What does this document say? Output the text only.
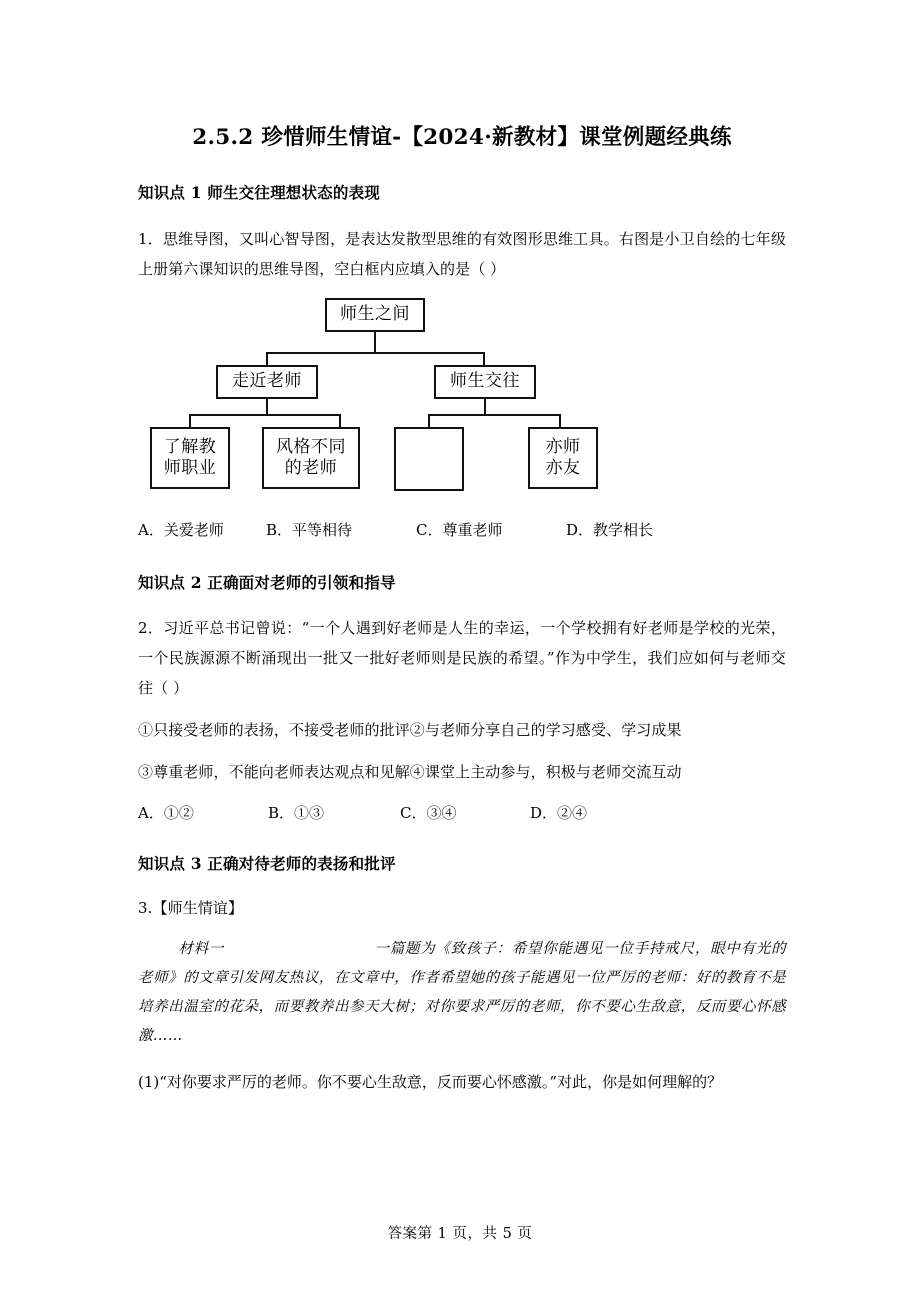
2.5.2 珍惜师生情谊-【2024·新教材】课堂例题经典练
知识点 1 师生交往理想状态的表现

1．思维导图，又叫心智导图，是表达发散型思维的有效图形思维工具。右图是小卫自绘的七年级上册第六课知识的思维导图，空白框内应填入的是（ ）

师生之间
走近老师	师生交往
了解教
师职业
风格不同
的老师
亦师
亦友
A．关爱老师	B．平等相待	C．尊重老师	D．教学相长
知识点 2 正确面对老师的引领和指导

2．习近平总书记曾说：“一个人遇到好老师是人生的幸运，一个学校拥有好老师是学校的光荣，一个民族源源不断涌现出一批又一批好老师则是民族的希望。”作为中学生，我们应如何与老师交往（ ）

①只接受老师的表扬，不接受老师的批评②与老师分享自己的学习感受、学习成果

③尊重老师，不能向老师表达观点和见解④课堂上主动参与，积极与老师交流互动

A．①②	B．①③	C．③④	D．②④
知识点 3 正确对待老师的表扬和批评

3.【师生情谊】

材料一	一篇题为《致孩子：希望你能遇见一位手持戒尺，眼中有光的老师》的文章引发网友热议，在文章中，作者希望她的孩子能遇见一位严厉的老师：好的教育不是培养出温室的花朵，而要教养出参天大树；对你要求严厉的老师，你不要心生敌意，反而要心怀感激……

(1)“对你要求严厉的老师。你不要心生敌意，反而要心怀感激。”对此，你是如何理解的？

答案第 1 页，共 5 页
